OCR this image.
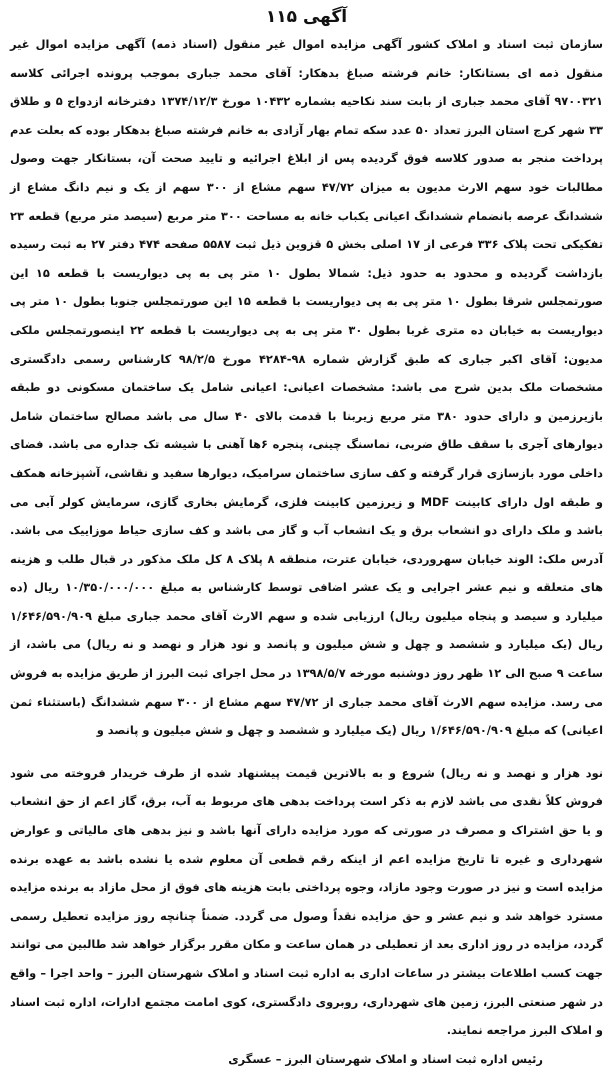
آگهی ۱۱۵

سازمان ثبت اسناد و املاک کشور آگهی مزایده اموال غیر منقول (اسناد ذمه) آگهی مزایده اموال غیر منقول ذمه ای بستانکار: خانم فرشته صباغ بدهکار: آقای محمد جباری بموجب پرونده اجرائی کلاسه ۹۷۰۰۳۲۱ آقای محمد جباری از بابت سند نکاحیه بشماره ۱۰۴۳۲ مورخ ۱۳۷۴/۱۲/۳ دفترخانه ازدواج ۵ و طلاق ۳۳ شهر کرج استان البرز تعداد ۵۰ عدد سکه تمام بهار آزادی به خانم فرشته صباغ بدهکار بوده که بعلت عدم پرداخت منجر به صدور کلاسه فوق گردیده پس از ابلاغ اجرائیه و تایید صحت آن، بستانکار جهت وصول مطالبات خود سهم الارث مدیون به میزان ۴۷/۷۲ سهم مشاع از ۳۰۰ سهم از یک و نیم دانگ مشاع از ششدانگ عرصه بانضمام ششدانگ اعیانی یکباب خانه به مساحت ۳۰۰ متر مربع (سیصد متر مربع) قطعه ۲۳ تفکیکی تحت پلاک ۳۳۶ فرعی از ۱۷ اصلی بخش ۵ قزوین ذیل ثبت ۵۵۸۷ صفحه ۴۷۴ دفتر ۲۷ به ثبت رسیده بازداشت گردیده و محدود به حدود ذیل: شمالا بطول ۱۰ متر پی به پی دیواریست با قطعه ۱۵ این صورتمجلس شرقا بطول ۱۰ متر پی به پی دیواریست با قطعه ۱۵ این صورتمجلس جنوبا بطول ۱۰ متر پی دیواریست به خیابان ده متری غربا بطول ۳۰ متر پی به پی دیواریست با قطعه ۲۲ اینصورتمجلس ملکی مدیون: آقای اکبر جباری که طبق گزارش شماره ۹۸-۴۲۸۴ مورخ ۹۸/۲/۵ کارشناس رسمی دادگستری مشخصات ملک بدین شرح می باشد: مشخصات اعیانی: اعیانی شامل یک ساختمان مسکونی دو طبقه بازیرزمین و دارای حدود ۳۸۰ متر مربع زیربنا با قدمت بالای ۴۰ سال می باشد مصالح ساختمان شامل دیوارهای آجری با سقف طاق ضربی، نماسنگ چینی، پنجره ۶ها آهنی با شیشه تک جداره می باشد. فضای داخلی مورد بازسازی قرار گرفته و کف سازی ساختمان سرامیک، دیوارها سفید و نقاشی، آشپزخانه همکف و طبقه اول دارای کابینت MDF و زیرزمین کابینت فلزی، گرمایش بخاری گازی، سرمایش کولر آبی می باشد و ملک دارای دو انشعاب برق و یک انشعاب آب و گاز می باشد و کف سازی حیاط موزاییک می باشد. آدرس ملک: الوند خیابان سهروردی، خیابان عترت، منطقه ۸ پلاک ۸ کل ملک مذکور در قبال طلب و هزینه های متعلقه و نیم عشر اجرایی و یک عشر اضافی توسط کارشناس به مبلغ ۱۰/۳۵۰/۰۰۰/۰۰۰ ریال (ده میلیارد و سیصد و پنجاه میلیون ریال) ارزیابی شده و سهم الارث آقای محمد جباری مبلغ ۱/۶۴۶/۵۹۰/۹۰۹ ریال (یک میلیارد و ششصد و چهل و شش میلیون و پانصد و نود هزار و نهصد و نه ریال) می باشد، از ساعت ۹ صبح الی ۱۲ ظهر روز دوشنبه مورخه ۱۳۹۸/۵/۷ در محل اجرای ثبت البرز از طریق مزایده به فروش می رسد. مزایده سهم الارث آقای محمد جباری از ۴۷/۷۲ سهم مشاع از ۳۰۰ سهم ششدانگ (باستثناء ثمن اعیانی) که مبلغ ۱/۶۴۶/۵۹۰/۹۰۹ ریال (یک میلیارد و ششصد و چهل و شش میلیون و پانصد و

نود هزار و نهصد و نه ریال) شروع و به بالاترین قیمت پیشنهاد شده از طرف خریدار فروخته می شود فروش کلاً نقدی می باشد لازم به ذکر است پرداخت بدهی های مربوط به آب، برق، گاز اعم از حق انشعاب و یا حق اشتراک و مصرف در صورتی که مورد مزایده دارای آنها باشد و نیز بدهی های مالیاتی و عوارض شهرداری و غیره تا تاریخ مزایده اعم از اینکه رقم قطعی آن معلوم شده یا نشده باشد به عهده برنده مزایده است و نیز در صورت وجود مازاد، وجوه پرداختی بابت هزینه های فوق از محل مازاد به برنده مزایده مسترد خواهد شد و نیم عشر و حق مزایده نقداً وصول می گردد. ضمناً چنانچه روز مزایده تعطیل رسمی گردد، مزایده در روز اداری بعد از تعطیلی در همان ساعت و مکان مقرر برگزار خواهد شد طالبین می توانند جهت کسب اطلاعات بیشتر در ساعات اداری به اداره ثبت اسناد و املاک شهرستان البرز – واحد اجرا – واقع در شهر صنعتی البرز، زمین های شهرداری، روبروی دادگستری، کوی امامت مجتمع ادارات، اداره ثبت اسناد و املاک البرز مراجعه نمایند.

رئیس اداره ثبت اسناد و املاک شهرستان البرز – عسگری
